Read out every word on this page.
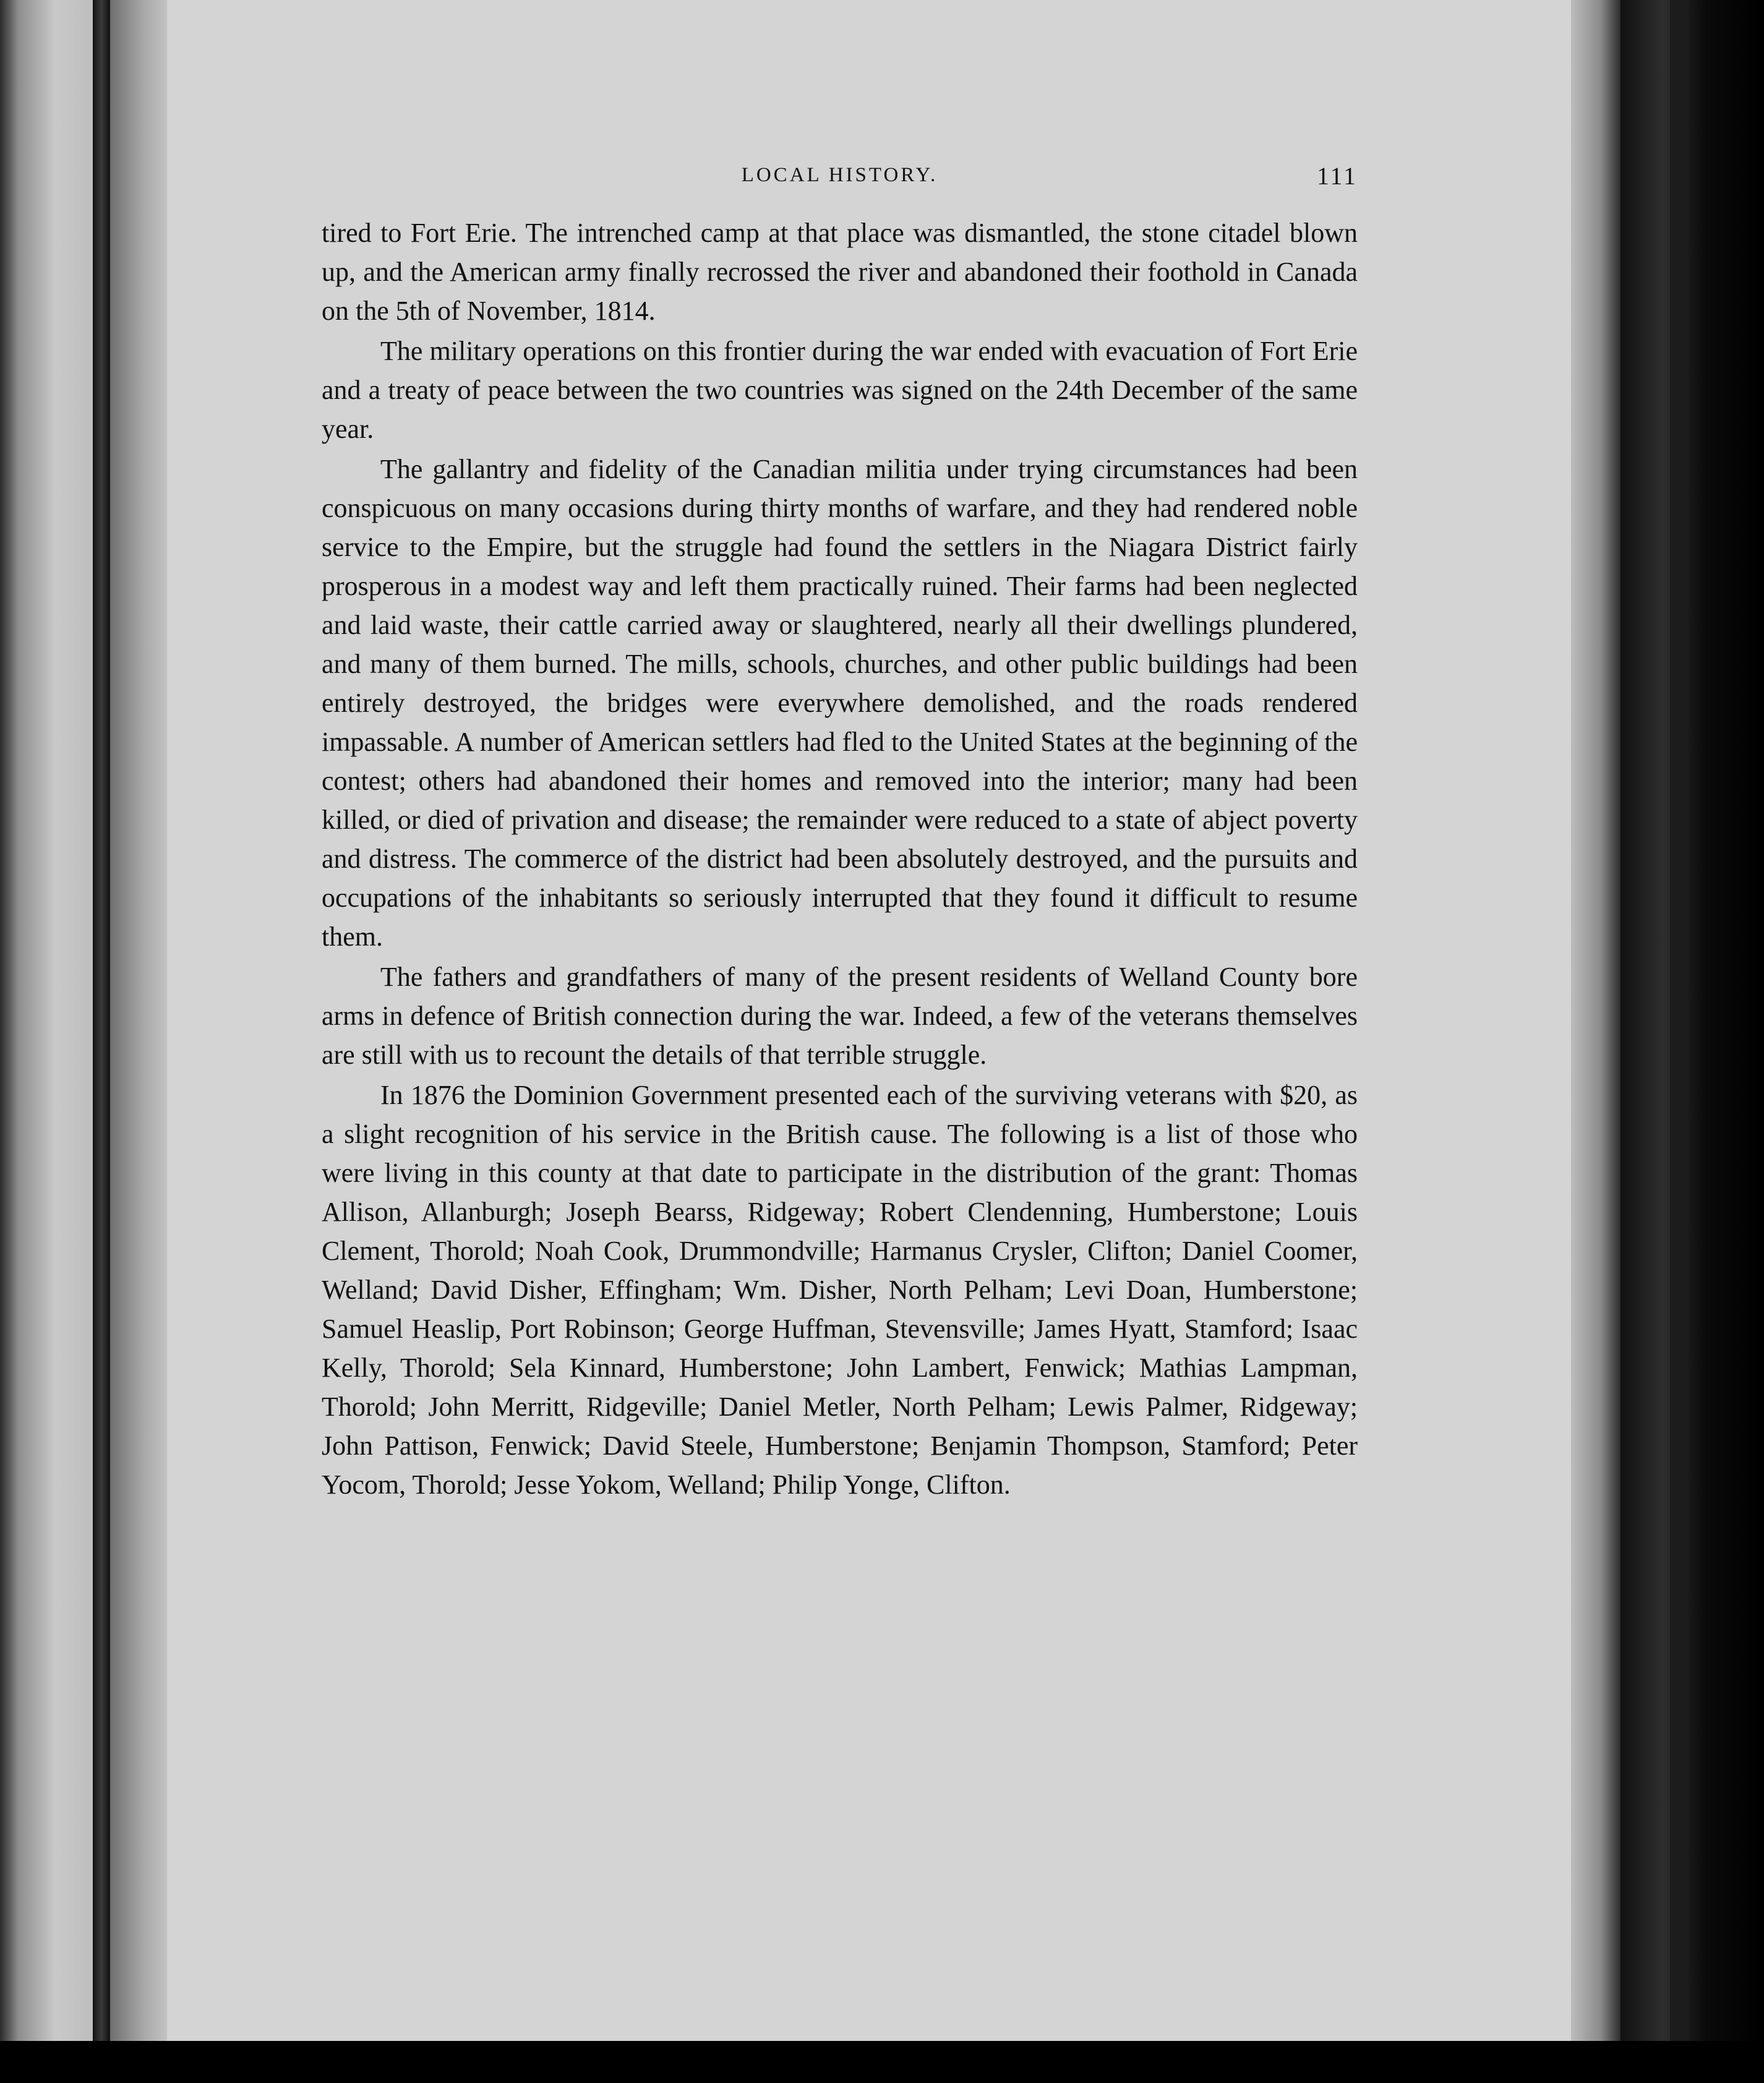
LOCAL HISTORY.	111

tired to Fort Erie. The intrenched camp at that place was dismantled, the stone citadel blown up, and the American army finally recrossed the river and abandoned their foothold in Canada on the 5th of November, 1814.

The military operations on this frontier during the war ended with evacuation of Fort Erie and a treaty of peace between the two countries was signed on the 24th December of the same year.

The gallantry and fidelity of the Canadian militia under trying circumstances had been conspicuous on many occasions during thirty months of warfare, and they had rendered noble service to the Empire, but the struggle had found the settlers in the Niagara District fairly prosperous in a modest way and left them practically ruined. Their farms had been neglected and laid waste, their cattle carried away or slaughtered, nearly all their dwellings plundered, and many of them burned. The mills, schools, churches, and other public buildings had been entirely destroyed, the bridges were everywhere demolished, and the roads rendered impassable. A number of American settlers had fled to the United States at the beginning of the contest; others had abandoned their homes and removed into the interior; many had been killed, or died of privation and disease; the remainder were reduced to a state of abject poverty and distress. The commerce of the district had been absolutely destroyed, and the pursuits and occupations of the inhabitants so seriously interrupted that they found it difficult to resume them.

The fathers and grandfathers of many of the present residents of Welland County bore arms in defence of British connection during the war. Indeed, a few of the veterans themselves are still with us to recount the details of that terrible struggle.

In 1876 the Dominion Government presented each of the surviving veterans with $20, as a slight recognition of his service in the British cause. The following is a list of those who were living in this county at that date to participate in the distribution of the grant: Thomas Allison, Allanburgh; Joseph Bearss, Ridgeway; Robert Clendenning, Humberstone; Louis Clement, Thorold; Noah Cook, Drummondville; Harmanus Crysler, Clifton; Daniel Coomer, Welland; David Disher, Effingham; Wm. Disher, North Pelham; Levi Doan, Humberstone; Samuel Heaslip, Port Robinson; George Huffman, Stevensville; James Hyatt, Stamford; Isaac Kelly, Thorold; Sela Kinnard, Humberstone; John Lambert, Fenwick; Mathias Lampman, Thorold; John Merritt, Ridgeville; Daniel Metler, North Pelham; Lewis Palmer, Ridgeway; John Pattison, Fenwick; David Steele, Humberstone; Benjamin Thompson, Stamford; Peter Yocom, Thorold; Jesse Yokom, Welland; Philip Yonge, Clifton.
